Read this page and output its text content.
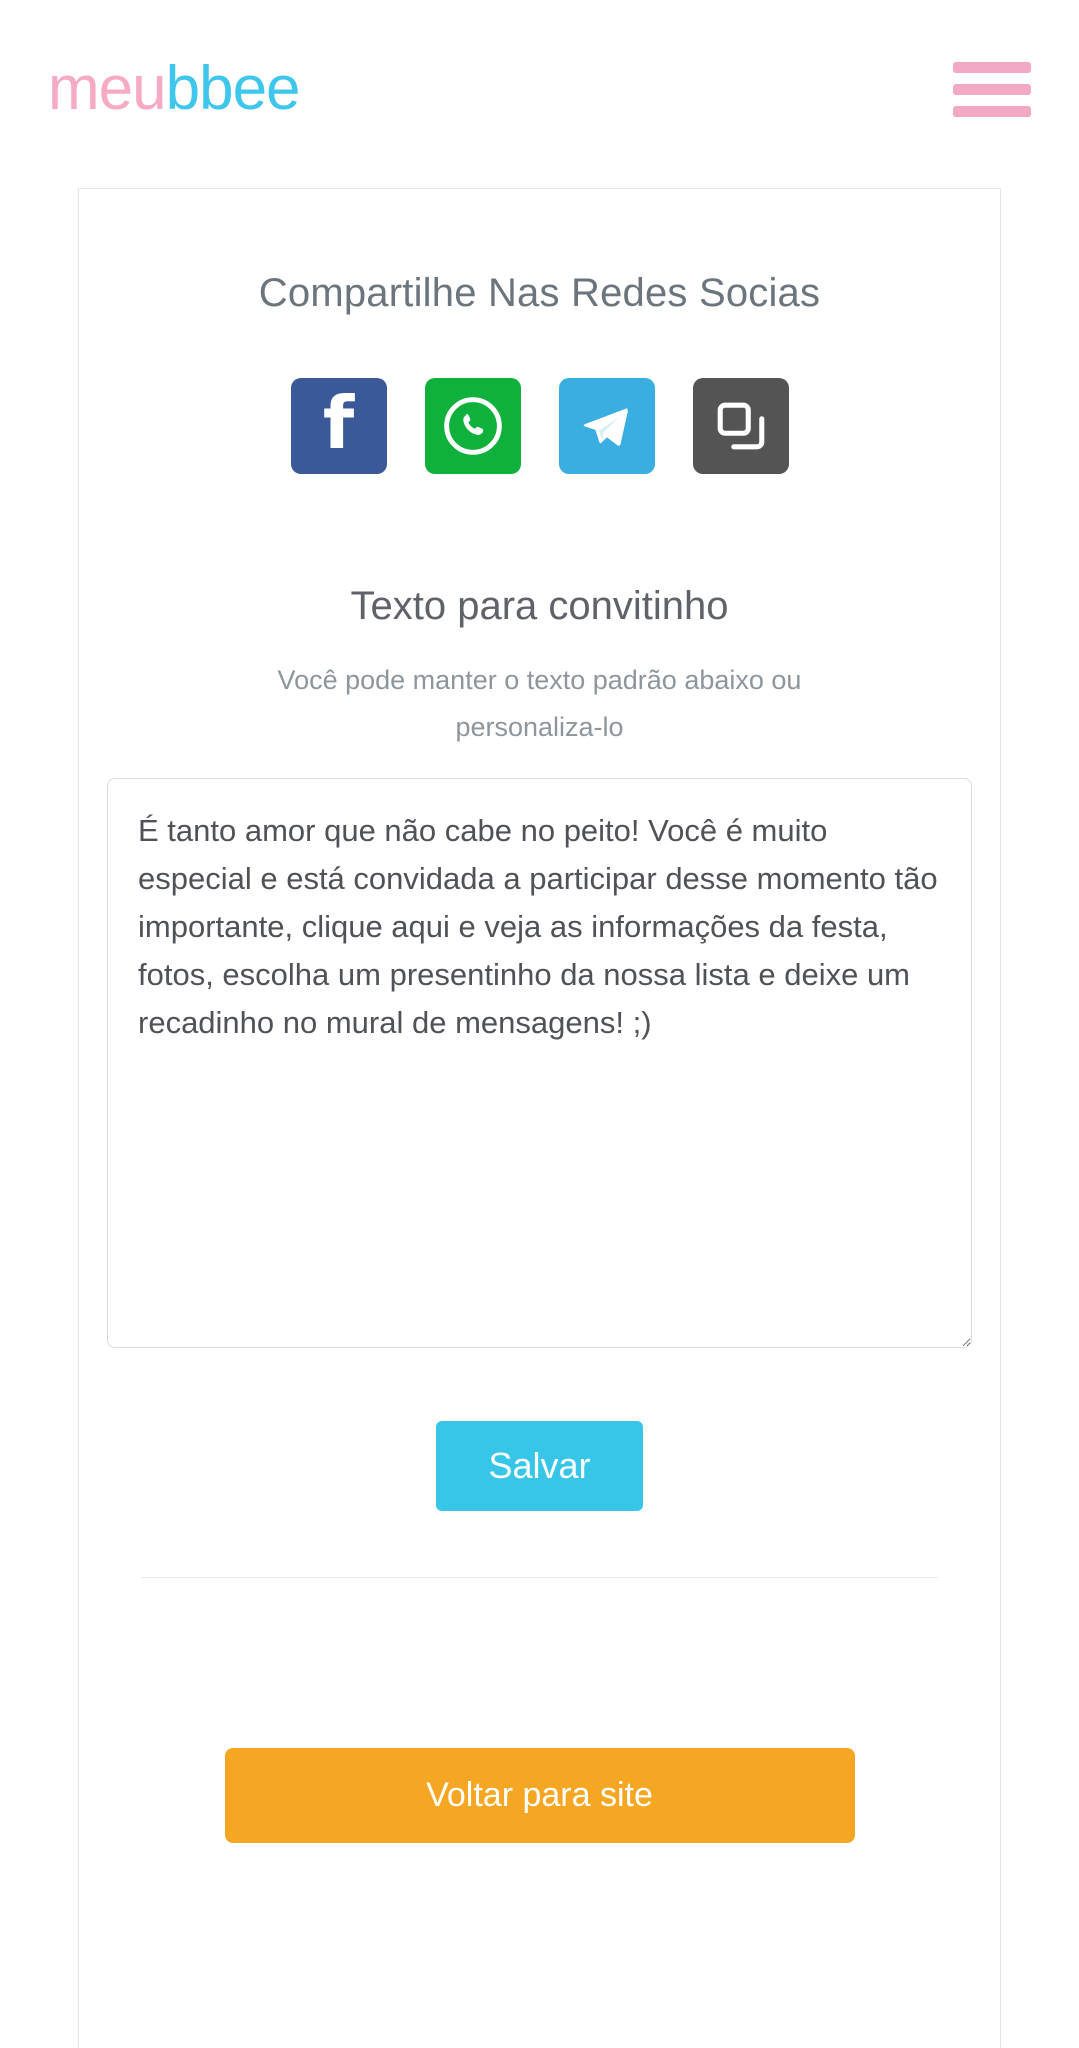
meu bbee
Compartilhe Nas Redes Socias
f
Texto para convitinho

Você pode manter o texto padrão abaixo ou personaliza-lo

É tanto amor que não cabe no peito! Você é muito especial e está convidada a participar desse momento tão importante, clique aqui e veja as informações da festa, fotos, escolha um presentinho da nossa lista e deixe um recadinho no mural de mensagens! ;)
Salvar
Voltar para site
